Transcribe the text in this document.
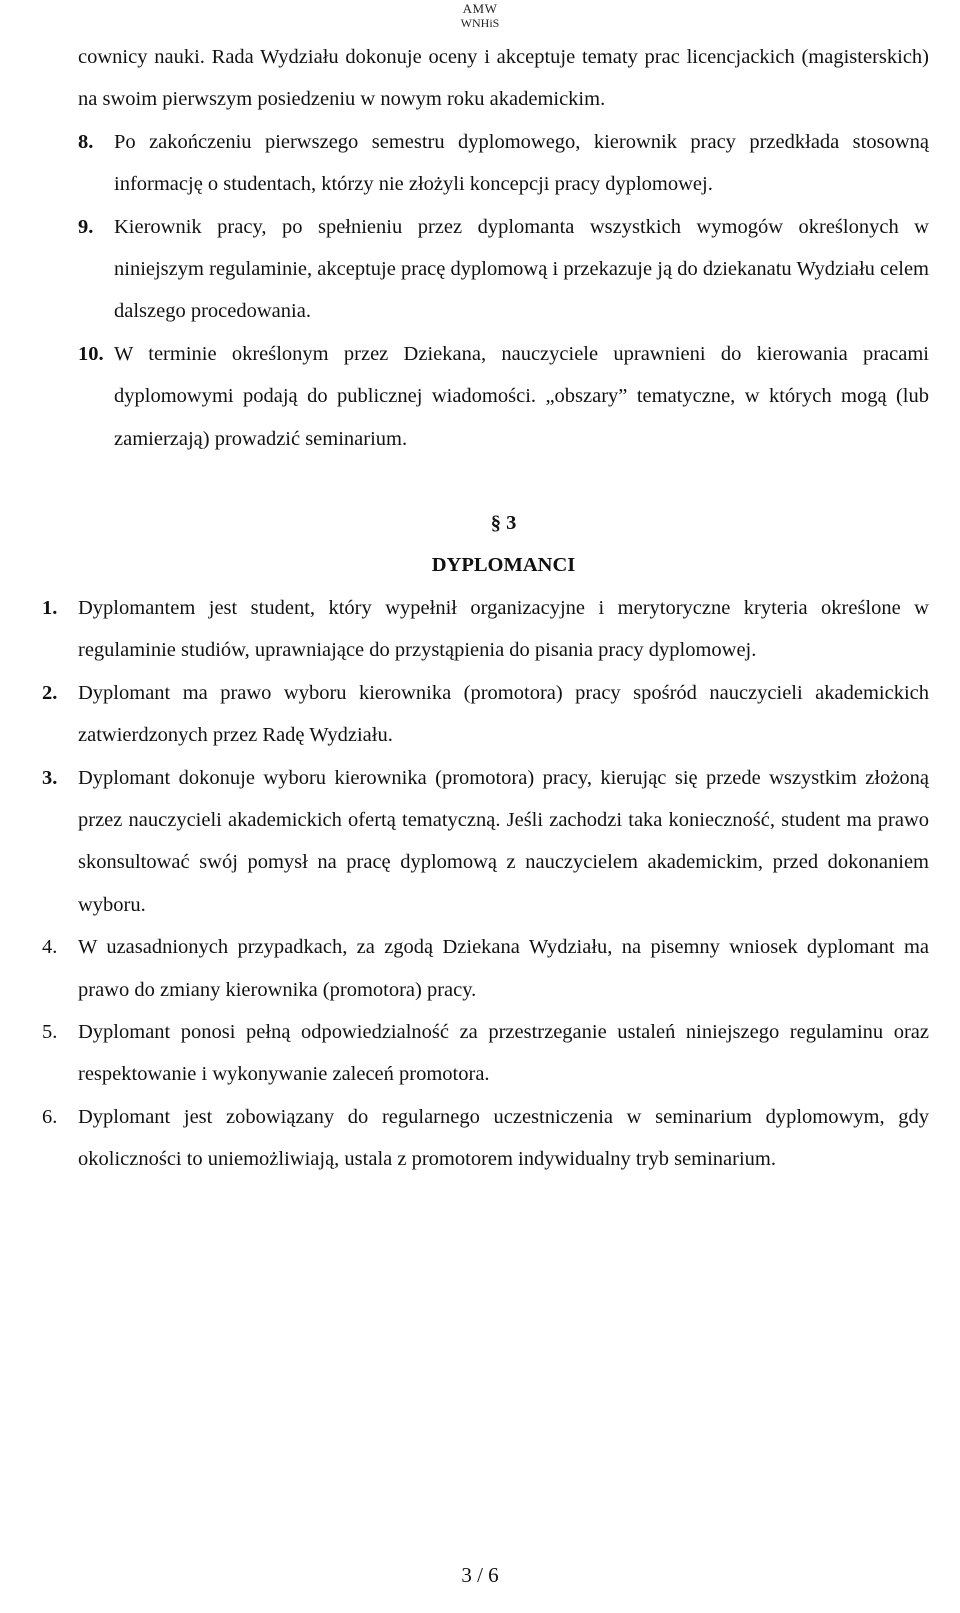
AMW
WNHiS

cownicy nauki. Rada Wydziału dokonuje oceny i akceptuje tematy prac licencjackich (magisterskich) na swoim pierwszym posiedzeniu w nowym roku akademickim.

8. Po zakończeniu pierwszego semestru dyplomowego, kierownik pracy przedkłada stosowną informację o studentach, którzy nie złożyli koncepcji pracy dyplomowej.

9. Kierownik pracy, po spełnieniu przez dyplomanta wszystkich wymogów określonych w niniejszym regulaminie, akceptuje pracę dyplomową i przekazuje ją do dziekanatu Wydziału celem dalszego procedowania.

10. W terminie określonym przez Dziekana, nauczyciele uprawnieni do kierowania pracami dyplomowymi podają do publicznej wiadomości. „obszary” tematyczne, w których mogą (lub zamierzają) prowadzić seminarium.

§ 3

DYPLOMANCI

1. Dyplomantem jest student, który wypełnił organizacyjne i merytoryczne kryteria określone w regulaminie studiów, uprawniające do przystąpienia do pisania pracy dyplomowej.

2. Dyplomant ma prawo wyboru kierownika (promotora) pracy spośród nauczycieli akademickich zatwierdzonych przez Radę Wydziału.

3. Dyplomant dokonuje wyboru kierownika (promotora) pracy, kierując się przede wszystkim złożoną przez nauczycieli akademickich ofertą tematyczną. Jeśli zachodzi taka konieczność, student ma prawo skonsultować swój pomysł na pracę dyplomową z nauczycielem akademickim, przed dokonaniem wyboru.

4. W uzasadnionych przypadkach, za zgodą Dziekana Wydziału, na pisemny wniosek dyplomant ma prawo do zmiany kierownika (promotora) pracy.

5. Dyplomant ponosi pełną odpowiedzialność za przestrzeganie ustaleń niniejszego regulaminu oraz respektowanie i wykonywanie zaleceń promotora.

6. Dyplomant jest zobowiązany do regularnego uczestniczenia w seminarium dyplomowym, gdy okoliczności to uniemożliwiają, ustala z promotorem indywidualny tryb seminarium.

3 / 6
